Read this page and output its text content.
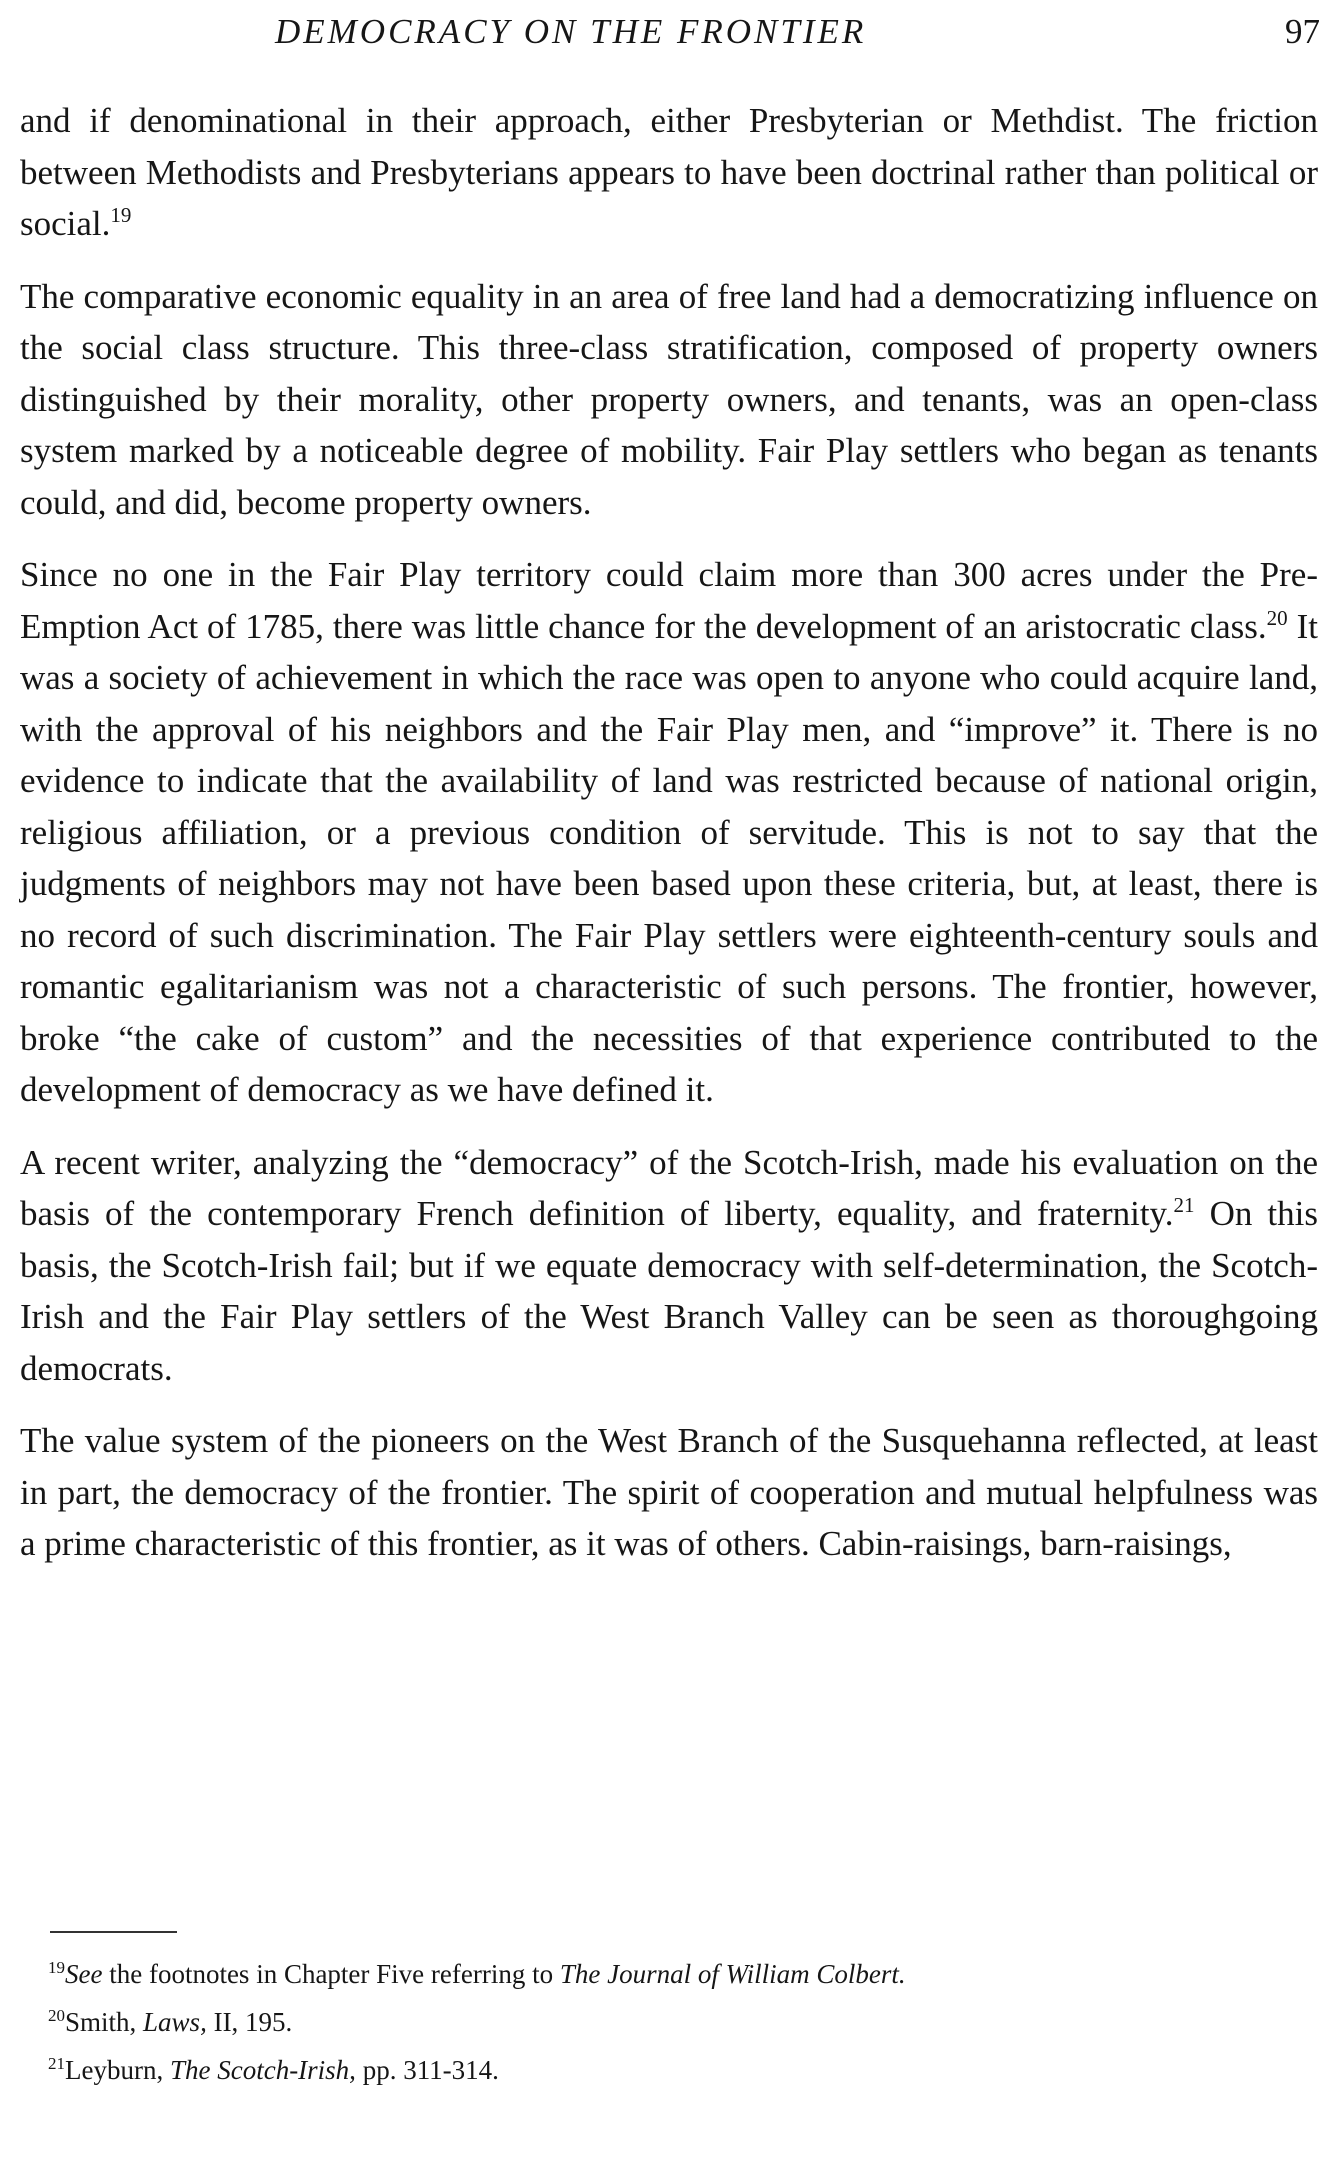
DEMOCRACY ON THE FRONTIER	97

and if denominational in their approach, either Presbyterian or Methdist. The friction between Methodists and Presbyterians appears to have been doctrinal rather than political or social.$^{19}$

The comparative economic equality in an area of free land had a democratizing influence on the social class structure. This three-class stratification, composed of property owners distinguished by their morality, other property owners, and tenants, was an open-class system marked by a noticeable degree of mobility. Fair Play settlers who began as tenants could, and did, become property owners.

Since no one in the Fair Play territory could claim more than 300 acres under the Pre-Emption Act of 1785, there was little chance for the development of an aristocratic class.$^{20}$ It was a society of achievement in which the race was open to anyone who could acquire land, with the approval of his neighbors and the Fair Play men, and “improve” it. There is no evidence to indicate that the availability of land was restricted because of national origin, religious affiliation, or a previous condition of servitude. This is not to say that the judgments of neighbors may not have been based upon these criteria, but, at least, there is no record of such discrimination. The Fair Play settlers were eighteenth-century souls and romantic egalitarianism was not a characteristic of such persons. The frontier, however, broke “the cake of custom” and the necessities of that experience contributed to the development of democracy as we have defined it.

A recent writer, analyzing the “democracy” of the Scotch-Irish, made his evaluation on the basis of the contemporary French definition of liberty, equality, and fraternity.$^{21}$ On this basis, the Scotch-Irish fail; but if we equate democracy with self-determination, the Scotch-Irish and the Fair Play settlers of the West Branch Valley can be seen as thoroughgoing democrats.

The value system of the pioneers on the West Branch of the Susquehanna reflected, at least in part, the democracy of the frontier. The spirit of cooperation and mutual helpfulness was a prime characteristic of this frontier, as it was of others. Cabin-raisings, barn-raisings,

$^{19}$See the footnotes in Chapter Five referring to The Journal of William Colbert.

$^{20}$Smith, Laws, II, 195.

$^{21}$Leyburn, The Scotch-Irish, pp. 311-314.
